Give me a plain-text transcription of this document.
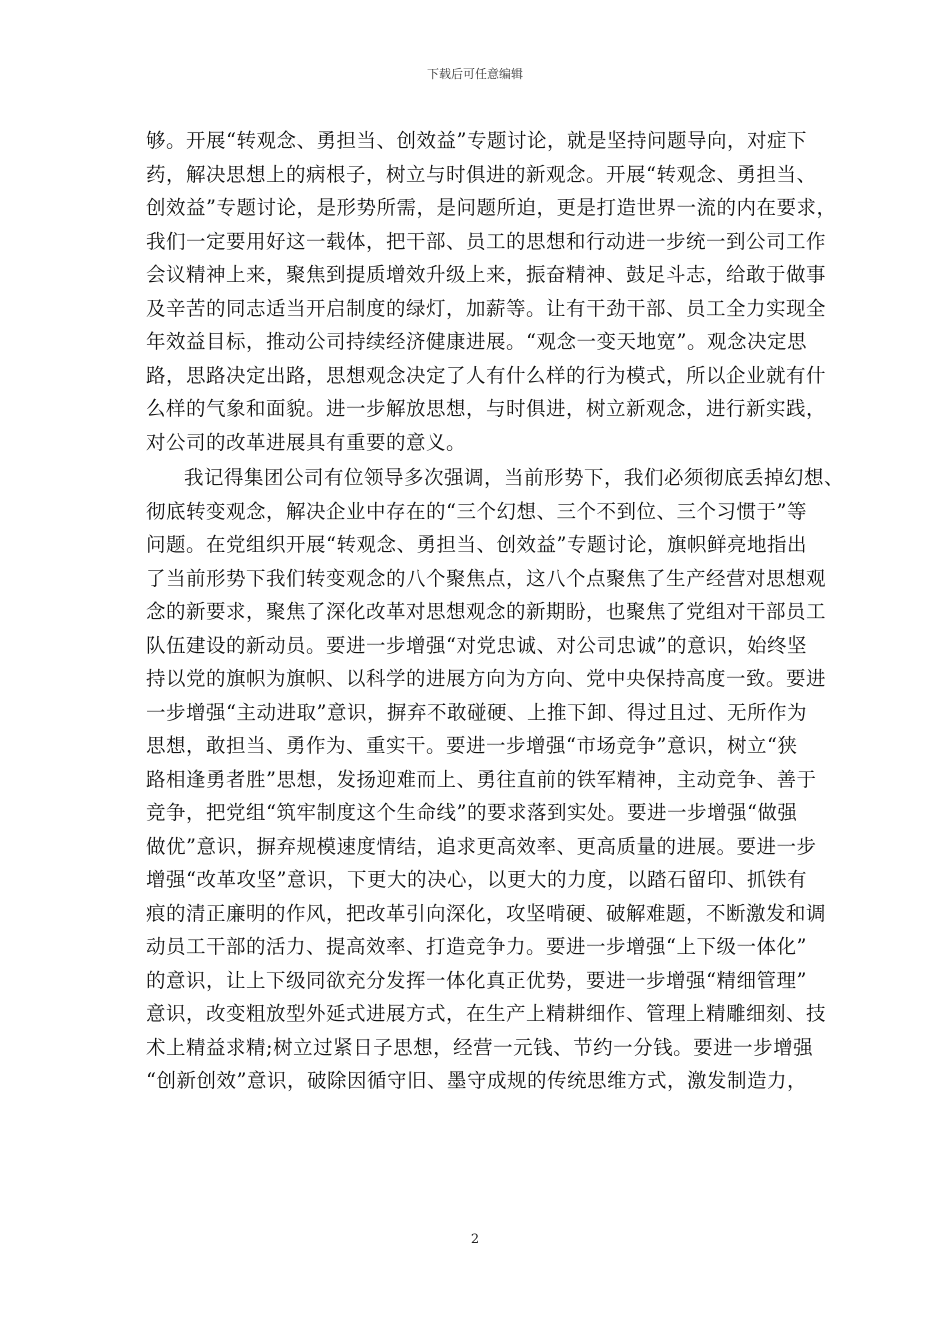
下载后可任意编辑
够。开展“转观念、勇担当、创效益”专题讨论，就是坚持问题导向，对症下
药，解决思想上的病根子，树立与时俱进的新观念。开展“转观念、勇担当、
创效益”专题讨论，是形势所需，是问题所迫，更是打造世界一流的内在要求，
我们一定要用好这一载体，把干部、员工的思想和行动进一步统一到公司工作
会议精神上来，聚焦到提质增效升级上来，振奋精神、鼓足斗志，给敢于做事
及辛苦的同志适当开启制度的绿灯，加薪等。让有干劲干部、员工全力实现全
年效益目标，推动公司持续经济健康进展。“观念一变天地宽”。观念决定思
路，思路决定出路，思想观念决定了人有什么样的行为模式，所以企业就有什
么样的气象和面貌。进一步解放思想，与时俱进，树立新观念，进行新实践，
对公司的改革进展具有重要的意义。
我记得集团公司有位领导多次强调，当前形势下，我们必须彻底丢掉幻想、
彻底转变观念，解决企业中存在的“三个幻想、三个不到位、三个习惯于”等
问题。在党组织开展“转观念、勇担当、创效益”专题讨论，旗帜鲜亮地指出
了当前形势下我们转变观念的八个聚焦点，这八个点聚焦了生产经营对思想观
念的新要求，聚焦了深化改革对思想观念的新期盼，也聚焦了党组对干部员工
队伍建设的新动员。要进一步增强“对党忠诚、对公司忠诚”的意识，始终坚
持以党的旗帜为旗帜、以科学的进展方向为方向、党中央保持高度一致。要进
一步增强“主动进取”意识，摒弃不敢碰硬、上推下卸、得过且过、无所作为
思想，敢担当、勇作为、重实干。要进一步增强“市场竞争”意识，树立“狭
路相逢勇者胜”思想，发扬迎难而上、勇往直前的铁军精神，主动竞争、善于
竞争，把党组“筑牢制度这个生命线”的要求落到实处。要进一步增强“做强
做优”意识，摒弃规模速度情结，追求更高效率、更高质量的进展。要进一步
增强“改革攻坚”意识，下更大的决心，以更大的力度，以踏石留印、抓铁有
痕的清正廉明的作风，把改革引向深化，攻坚啃硬、破解难题，不断激发和调
动员工干部的活力、提高效率、打造竞争力。要进一步增强“上下级一体化”
的意识，让上下级同欲充分发挥一体化真正优势，要进一步增强“精细管理”
意识，改变粗放型外延式进展方式，在生产上精耕细作、管理上精雕细刻、技
术上精益求精;树立过紧日子思想，经营一元钱、节约一分钱。要进一步增强
“创新创效”意识，破除因循守旧、墨守成规的传统思维方式，激发制造力，
2
